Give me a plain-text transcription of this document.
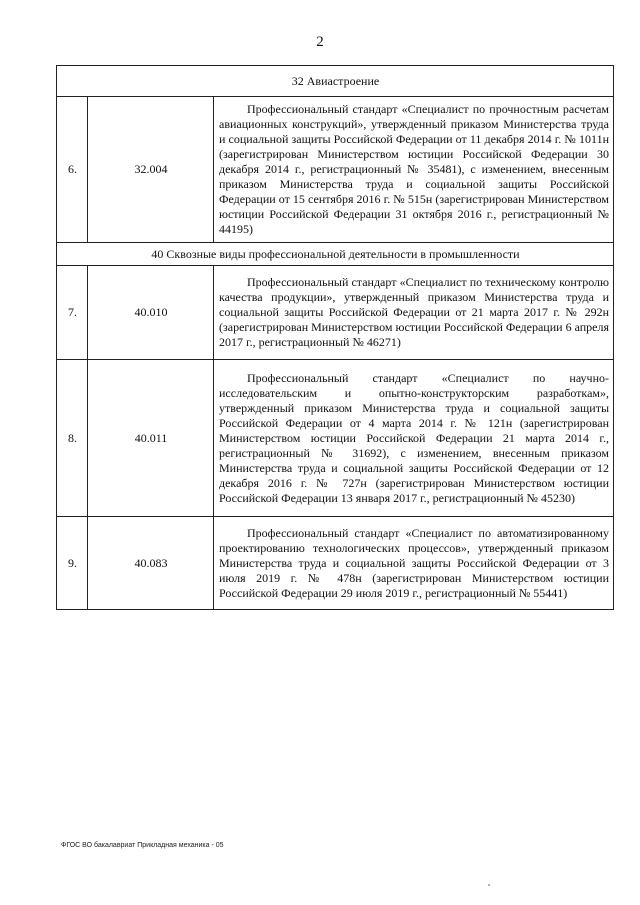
2
32 Авиастроение		
6.	32.004	Профессиональный стандарт «Специалист по прочностным расчетам авиационных конструкций», утвержденный приказом Министерства труда и социальной защиты Российской Федерации от 11 декабря 2014 г. № 1011н (зарегистрирован Министерством юстиции Российской Федерации 30 декабря 2014 г., регистрационный № 35481), с изменением, внесенным приказом Министерства труда и социальной защиты Российской Федерации от 15 сентября 2016 г. № 515н (зарегистрирован Министерством юстиции Российской Федерации 31 октября 2016 г., регистрационный № 44195)
40 Сквозные виды профессиональной деятельности в промышленности		
7.	40.010	Профессиональный стандарт «Специалист по техническому контролю качества продукции», утвержденный приказом Министерства труда и социальной защиты Российской Федерации от 21 марта 2017 г. № 292н (зарегистрирован Министерством юстиции Российской Федерации 6 апреля 2017 г., регистрационный № 46271)
8.	40.011	Профессиональный стандарт «Специалист по научно-исследовательским и опытно-конструкторским разработкам», утвержденный приказом Министерства труда и социальной защиты Российской Федерации от 4 марта 2014 г. № 121н (зарегистрирован Министерством юстиции Российской Федерации 21 марта 2014 г., регистрационный № 31692), с изменением, внесенным приказом Министерства труда и социальной защиты Российской Федерации от 12 декабря 2016 г. № 727н (зарегистрирован Министерством юстиции Российской Федерации 13 января 2017 г., регистрационный № 45230)
9.	40.083	Профессиональный стандарт «Специалист по автоматизированному проектированию технологических процессов», утвержденный приказом Министерства труда и социальной защиты Российской Федерации от 3 июля 2019 г. № 478н (зарегистрирован Министерством юстиции Российской Федерации 29 июля 2019 г., регистрационный № 55441)
ФГОС ВО бакалавриат Прикладная механика - 05
